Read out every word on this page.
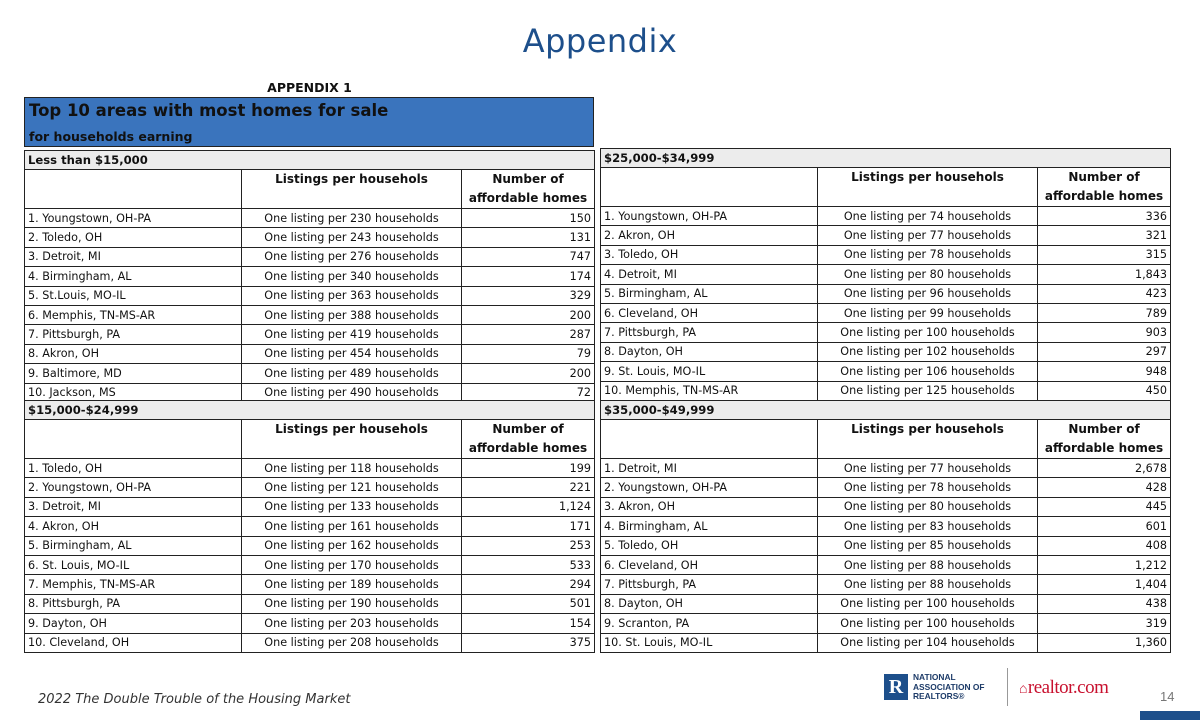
Appendix
APPENDIX 1
Top 10 areas with most homes for sale
for households earning
Less than $15,000		
	Listings per househols	Number of
affordable homes

1. Youngstown, OH-PA	One listing per 230 households	150
2. Toledo, OH	One listing per 243 households	131
3. Detroit, MI	One listing per 276 households	747
4. Birmingham, AL	One listing per 340 households	174
5. St.Louis, MO-IL	One listing per 363 households	329
6. Memphis, TN-MS-AR	One listing per 388 households	200
7. Pittsburgh, PA	One listing per 419 households	287
8. Akron, OH	One listing per 454 households	79
9. Baltimore, MD	One listing per 489 households	200
10. Jackson, MS	One listing per 490 households	72
$25,000-$34,999		
	Listings per househols	Number of
affordable homes

1. Youngstown, OH-PA	One listing per 74 households	336
2. Akron, OH	One listing per 77 households	321
3. Toledo, OH	One listing per 78 households	315
4. Detroit, MI	One listing per 80 households	1,843
5. Birmingham, AL	One listing per 96 households	423
6. Cleveland, OH	One listing per 99 households	789
7. Pittsburgh, PA	One listing per 100 households	903
8. Dayton, OH	One listing per 102 households	297
9. St. Louis, MO-IL	One listing per 106 households	948
10. Memphis, TN-MS-AR	One listing per 125 households	450
$15,000-$24,999		
	Listings per househols	Number of
affordable homes

1. Toledo, OH	One listing per 118 households	199
2. Youngstown, OH-PA	One listing per 121 households	221
3. Detroit, MI	One listing per 133 households	1,124
4. Akron, OH	One listing per 161 households	171
5. Birmingham, AL	One listing per 162 households	253
6. St. Louis, MO-IL	One listing per 170 households	533
7. Memphis, TN-MS-AR	One listing per 189 households	294
8. Pittsburgh, PA	One listing per 190 households	501
9. Dayton, OH	One listing per 203 households	154
10. Cleveland, OH	One listing per 208 households	375
$35,000-$49,999		
	Listings per househols	Number of
affordable homes

1. Detroit, MI	One listing per 77 households	2,678
2. Youngstown, OH-PA	One listing per 78 households	428
3. Akron, OH	One listing per 80 households	445
4. Birmingham, AL	One listing per 83 households	601
5. Toledo, OH	One listing per 85 households	408
6. Cleveland, OH	One listing per 88 households	1,212
7. Pittsburgh, PA	One listing per 88 households	1,404
8. Dayton, OH	One listing per 100 households	438
9. Scranton, PA	One listing per 100 households	319
10. St. Louis, MO-IL	One listing per 104 households	1,360
2022 The Double Trouble of the Housing Market
R	NATIONAL
ASSOCIATION OF
REALTORS®	⌂realtor.com	14
